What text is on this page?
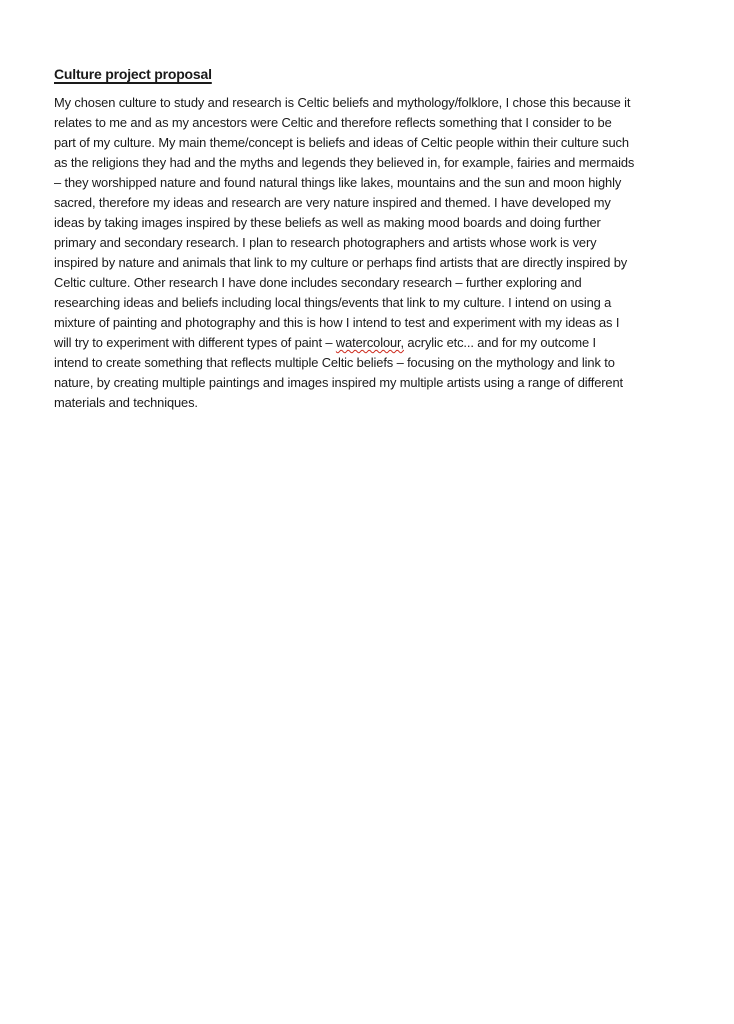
Culture project proposal
My chosen culture to study and research is Celtic beliefs and mythology/folklore, I chose this because it
relates to me and as my ancestors were Celtic and therefore reflects something that I consider to be
part of my culture. My main theme/concept is beliefs and ideas of Celtic people within their culture such
as the religions they had and the myths and legends they believed in, for example, fairies and mermaids
– they worshipped nature and found natural things like lakes, mountains and the sun and moon highly
sacred, therefore my ideas and research are very nature inspired and themed. I have developed my
ideas by taking images inspired by these beliefs as well as making mood boards and doing further
primary and secondary research. I plan to research photographers and artists whose work is very
inspired by nature and animals that link to my culture or perhaps find artists that are directly inspired by
Celtic culture. Other research I have done includes secondary research – further exploring and
researching ideas and beliefs including local things/events that link to my culture. I intend on using a
mixture of painting and photography and this is how I intend to test and experiment with my ideas as I
will try to experiment with different types of paint – watercolour, acrylic etc... and for my outcome I
intend to create something that reflects multiple Celtic beliefs – focusing on the mythology and link to
nature, by creating multiple paintings and images inspired my multiple artists using a range of different
materials and techniques.
